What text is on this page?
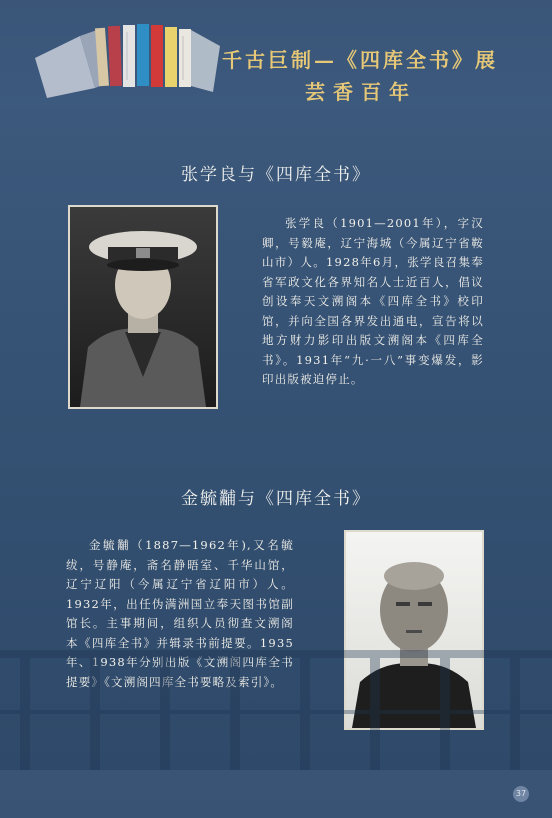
千古巨制—《四库全书》展
芸香百年
张学良与《四库全书》

张学良（1901—2001年），字汉卿，号毅庵，辽宁海城（今属辽宁省鞍山市）人。1928年6月，张学良召集奉省军政文化各界知名人士近百人，倡议创设奉天文溯阁本《四库全书》校印馆，并向全国各界发出通电，宣告将以地方财力影印出版文溯阁本《四库全书》。1931年“九·一八”事变爆发，影印出版被迫停止。

金毓黼与《四库全书》

金毓黼（1887—1962年),又名毓绂，号静庵，斋名静晤室、千华山馆，辽宁辽阳（今属辽宁省辽阳市）人。1932年，出任伪满洲国立奉天图书馆副馆长。主事期间，组织人员彻查文溯阁本《四库全书》并辑录书前提要。1935年、1938年分别出版《文溯阁四库全书提要》《文溯阁四库全书要略及索引》。

37
